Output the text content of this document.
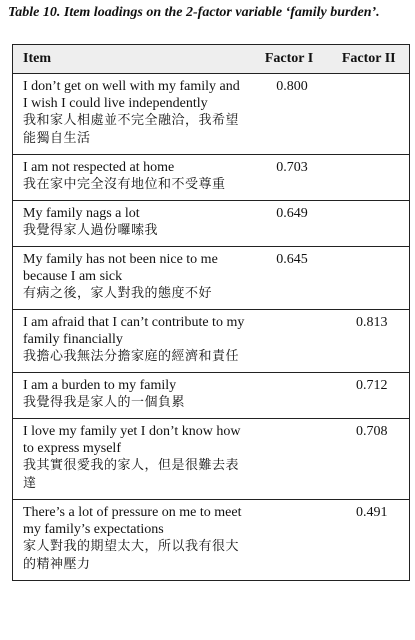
Table 10. Item loadings on the 2-factor variable ‘family burden’.
Item	Factor I	Factor II

I don’t get on well with my family and I wish I could live independently
我和家人相處並不完全融洽，我希望能獨自生活	0.800	

I am not respected at home
我在家中完全沒有地位和不受尊重	0.703	

My family nags a lot
我覺得家人過份囉嗦我	0.649	

My family has not been nice to me because I am sick
有病之後，家人對我的態度不好	0.645	

I am afraid that I can’t contribute to my family financially
我擔心我無法分擔家庭的經濟和責任		0.813

I am a burden to my family
我覺得我是家人的一個負累		0.712

I love my family yet I don’t know how to express myself
我其實很愛我的家人，但是很難去表達		0.708

There’s a lot of pressure on me to meet my family’s expectations
家人對我的期望太大，所以我有很大的精神壓力		0.491
